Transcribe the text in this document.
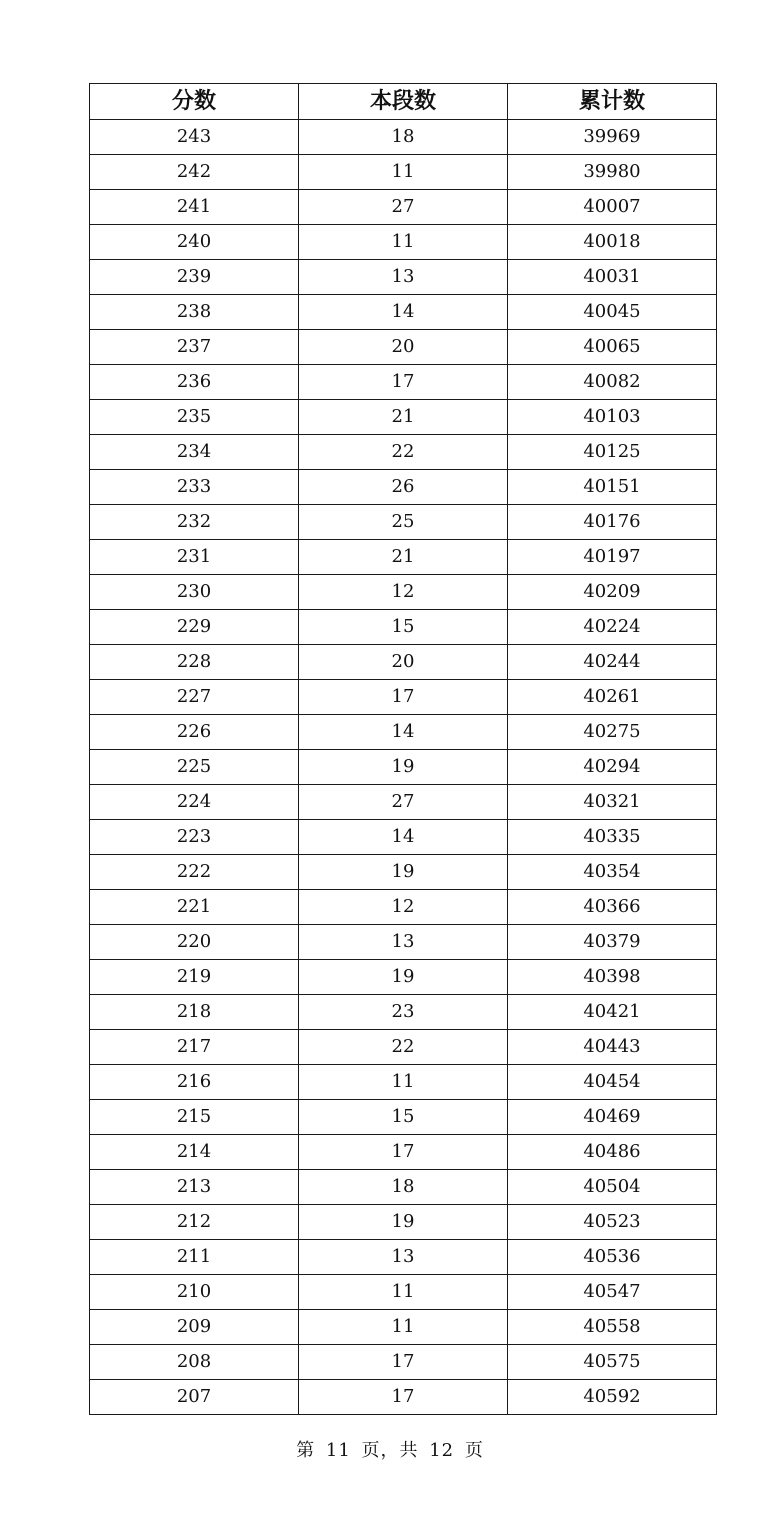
分数	本段数	累计数
243	18	39969
242	11	39980
241	27	40007
240	11	40018
239	13	40031
238	14	40045
237	20	40065
236	17	40082
235	21	40103
234	22	40125
233	26	40151
232	25	40176
231	21	40197
230	12	40209
229	15	40224
228	20	40244
227	17	40261
226	14	40275
225	19	40294
224	27	40321
223	14	40335
222	19	40354
221	12	40366
220	13	40379
219	19	40398
218	23	40421
217	22	40443
216	11	40454
215	15	40469
214	17	40486
213	18	40504
212	19	40523
211	13	40536
210	11	40547
209	11	40558
208	17	40575
207	17	40592
第 11 页，共 12 页
